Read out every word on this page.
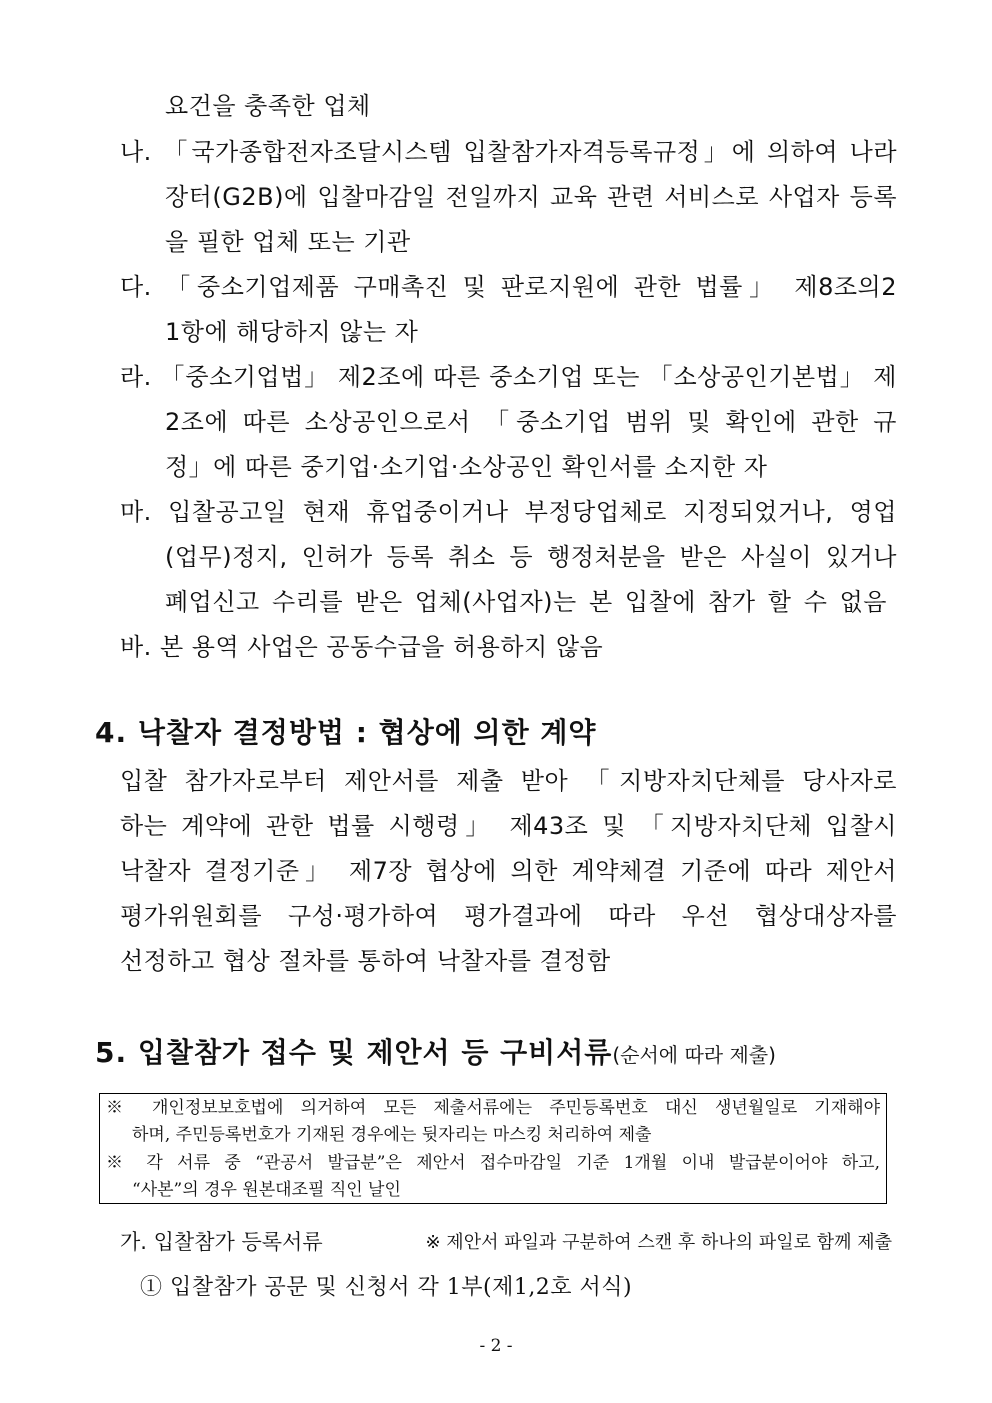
요건을 충족한 업체
나. 「국가종합전자조달시스템 입찰참가자격등록규정」에 의하여 나라
장터(G2B)에 입찰마감일 전일까지 교육 관련 서비스로 사업자 등록
을 필한 업체 또는 기관
다. 「중소기업제품 구매촉진 및 판로지원에 관한 법률」 제8조의2
1항에 해당하지 않는 자
라. 「중소기업법」 제2조에 따른 중소기업 또는 「소상공인기본법」 제
2조에 따른 소상공인으로서 「중소기업 범위 및 확인에 관한 규
정」에 따른 중기업·소기업·소상공인 확인서를 소지한 자
마. 입찰공고일 현재 휴업중이거나 부정당업체로 지정되었거나, 영업
(업무)정지, 인허가 등록 취소 등 행정처분을 받은 사실이 있거나
폐업신고 수리를 받은 업체(사업자)는 본 입찰에 참가 할 수 없음
바. 본 용역 사업은 공동수급을 허용하지 않음
4. 낙찰자 결정방법 : 협상에 의한 계약
입찰 참가자로부터 제안서를 제출 받아 「지방자치단체를 당사자로
하는 계약에 관한 법률 시행령」 제43조 및 「지방자치단체 입찰시
낙찰자 결정기준」 제7장 협상에 의한 계약체결 기준에 따라 제안서
평가위원회를 구성·평가하여 평가결과에 따라 우선 협상대상자를
선정하고 협상 절차를 통하여 낙찰자를 결정함
5. 입찰참가 접수 및 제안서 등 구비서류(순서에 따라 제출)
※ 개인정보보호법에 의거하여 모든 제출서류에는 주민등록번호 대신 생년월일로 기재해야
하며, 주민등록번호가 기재된 경우에는 뒷자리는 마스킹 처리하여 제출
※ 각 서류 중 “관공서 발급분”은 제안서 접수마감일 기준 1개월 이내 발급분이어야 하고,
“사본”의 경우 원본대조필 직인 날인
가. 입찰참가 등록서류	※ 제안서 파일과 구분하여 스캔 후 하나의 파일로 함께 제출
① 입찰참가 공문 및 신청서 각 1부(제1,2호 서식)
- 2 -
